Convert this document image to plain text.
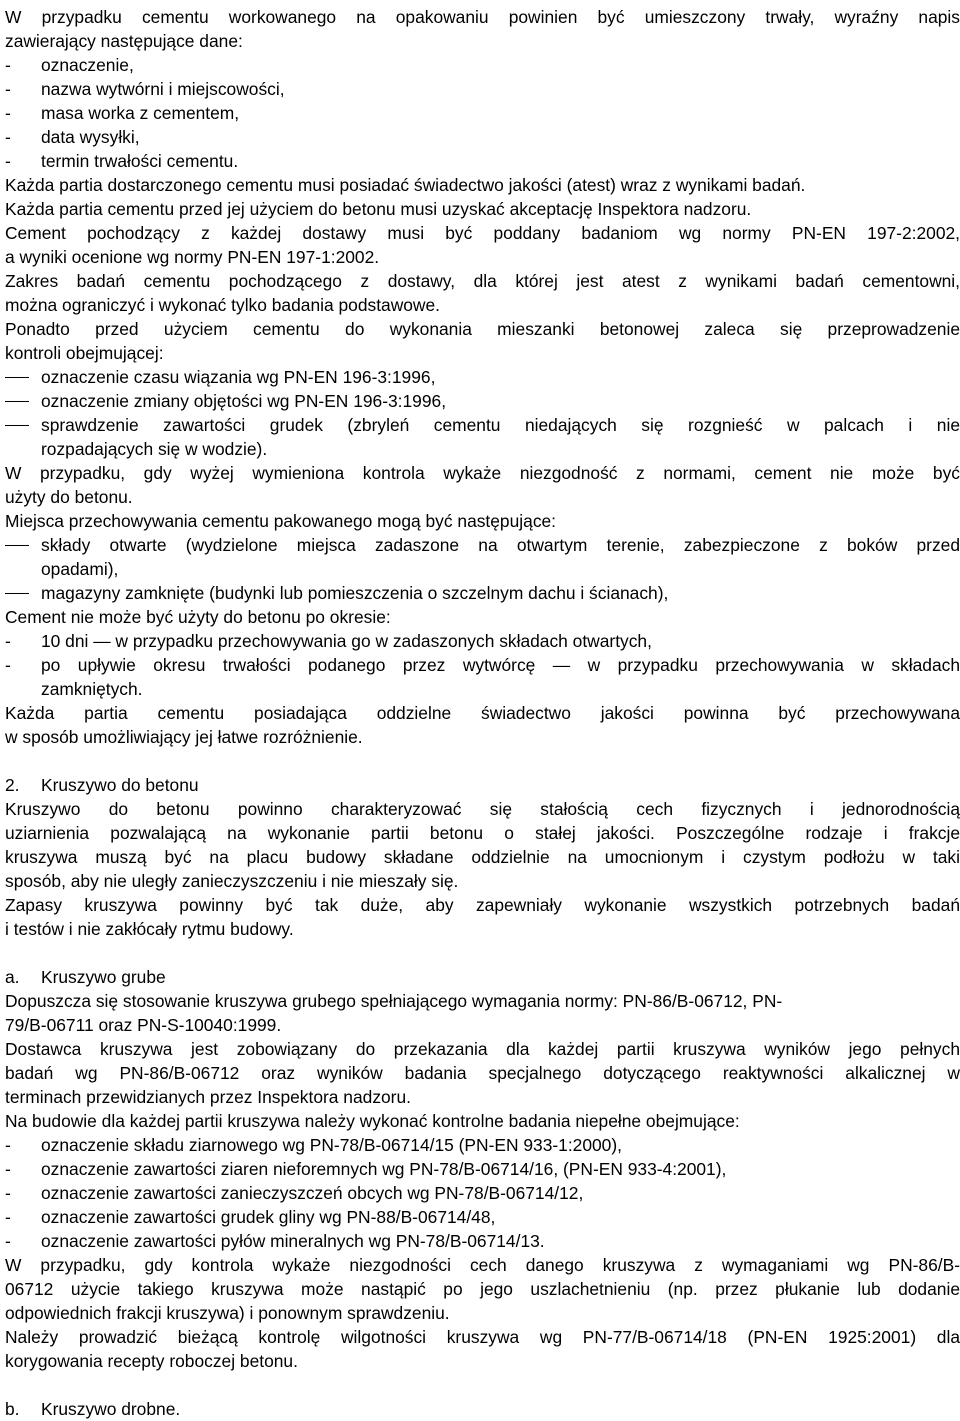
W przypadku cementu workowanego na opakowaniu powinien być umieszczony trwały, wyraźny napis
zawierający następujące dane:
- oznaczenie,
- nazwa wytwórni i miejscowości,
- masa worka z cementem,
- data wysyłki,
- termin trwałości cementu.
Każda partia dostarczonego cementu musi posiadać świadectwo jakości (atest) wraz z wynikami badań.
Każda partia cementu przed jej użyciem do betonu musi uzyskać akceptację Inspektora nadzoru.
Cement pochodzący z każdej dostawy musi być poddany badaniom wg normy PN-EN 197-2:2002,
a wyniki ocenione wg normy PN-EN 197-1:2002.
Zakres badań cementu pochodzącego z dostawy, dla której jest atest z wynikami badań cementowni,
można ograniczyć i wykonać tylko badania podstawowe.
Ponadto przed użyciem cementu do wykonania mieszanki betonowej zaleca się przeprowadzenie
kontroli obejmującej:
oznaczenie czasu wiązania wg PN-EN 196-3:1996,
oznaczenie zmiany objętości wg PN-EN 196-3:1996,
sprawdzenie zawartości grudek (zbryleń cementu niedających się rozgnieść w palcach i nie
rozpadających się w wodzie).
W przypadku, gdy wyżej wymieniona kontrola wykaże niezgodność z normami, cement nie może być
użyty do betonu.
Miejsca przechowywania cementu pakowanego mogą być następujące:
składy otwarte (wydzielone miejsca zadaszone na otwartym terenie, zabezpieczone z boków przed
opadami),
magazyny zamknięte (budynki lub pomieszczenia o szczelnym dachu i ścianach),
Cement nie może być użyty do betonu po okresie:
- 10 dni — w przypadku przechowywania go w zadaszonych składach otwartych,
- po upływie okresu trwałości podanego przez wytwórcę — w przypadku przechowywania w składach
zamkniętych.
Każda partia cementu posiadająca oddzielne świadectwo jakości powinna być przechowywana
w sposób umożliwiający jej łatwe rozróżnienie.
2. Kruszywo do betonu
Kruszywo do betonu powinno charakteryzować się stałością cech fizycznych i jednorodnością
uziarnienia pozwalającą na wykonanie partii betonu o stałej jakości. Poszczególne rodzaje i frakcje
kruszywa muszą być na placu budowy składane oddzielnie na umocnionym i czystym podłożu w taki
sposób, aby nie uległy zanieczyszczeniu i nie mieszały się.
Zapasy kruszywa powinny być tak duże, aby zapewniały wykonanie wszystkich potrzebnych badań
i testów i nie zakłócały rytmu budowy.
a. Kruszywo grube
Dopuszcza się stosowanie kruszywa grubego spełniającego wymagania normy: PN-86/B-06712, PN-
79/B-06711 oraz PN-S-10040:1999.
Dostawca kruszywa jest zobowiązany do przekazania dla każdej partii kruszywa wyników jego pełnych
badań wg PN-86/B-06712 oraz wyników badania specjalnego dotyczącego reaktywności alkalicznej w
terminach przewidzianych przez Inspektora nadzoru.
Na budowie dla każdej partii kruszywa należy wykonać kontrolne badania niepełne obejmujące:
- oznaczenie składu ziarnowego wg PN-78/B-06714/15 (PN-EN 933-1:2000),
- oznaczenie zawartości ziaren nieforemnych wg PN-78/B-06714/16, (PN-EN 933-4:2001),
- oznaczenie zawartości zanieczyszczeń obcych wg PN-78/B-06714/12,
- oznaczenie zawartości grudek gliny wg PN-88/B-06714/48,
- oznaczenie zawartości pyłów mineralnych wg PN-78/B-06714/13.
W przypadku, gdy kontrola wykaże niezgodności cech danego kruszywa z wymaganiami wg PN-86/B-
06712 użycie takiego kruszywa może nastąpić po jego uszlachetnieniu (np. przez płukanie lub dodanie
odpowiednich frakcji kruszywa) i ponownym sprawdzeniu.
Należy prowadzić bieżącą kontrolę wilgotności kruszywa wg PN-77/B-06714/18 (PN-EN 1925:2001) dla
korygowania recepty roboczej betonu.
b. Kruszywo drobne.
